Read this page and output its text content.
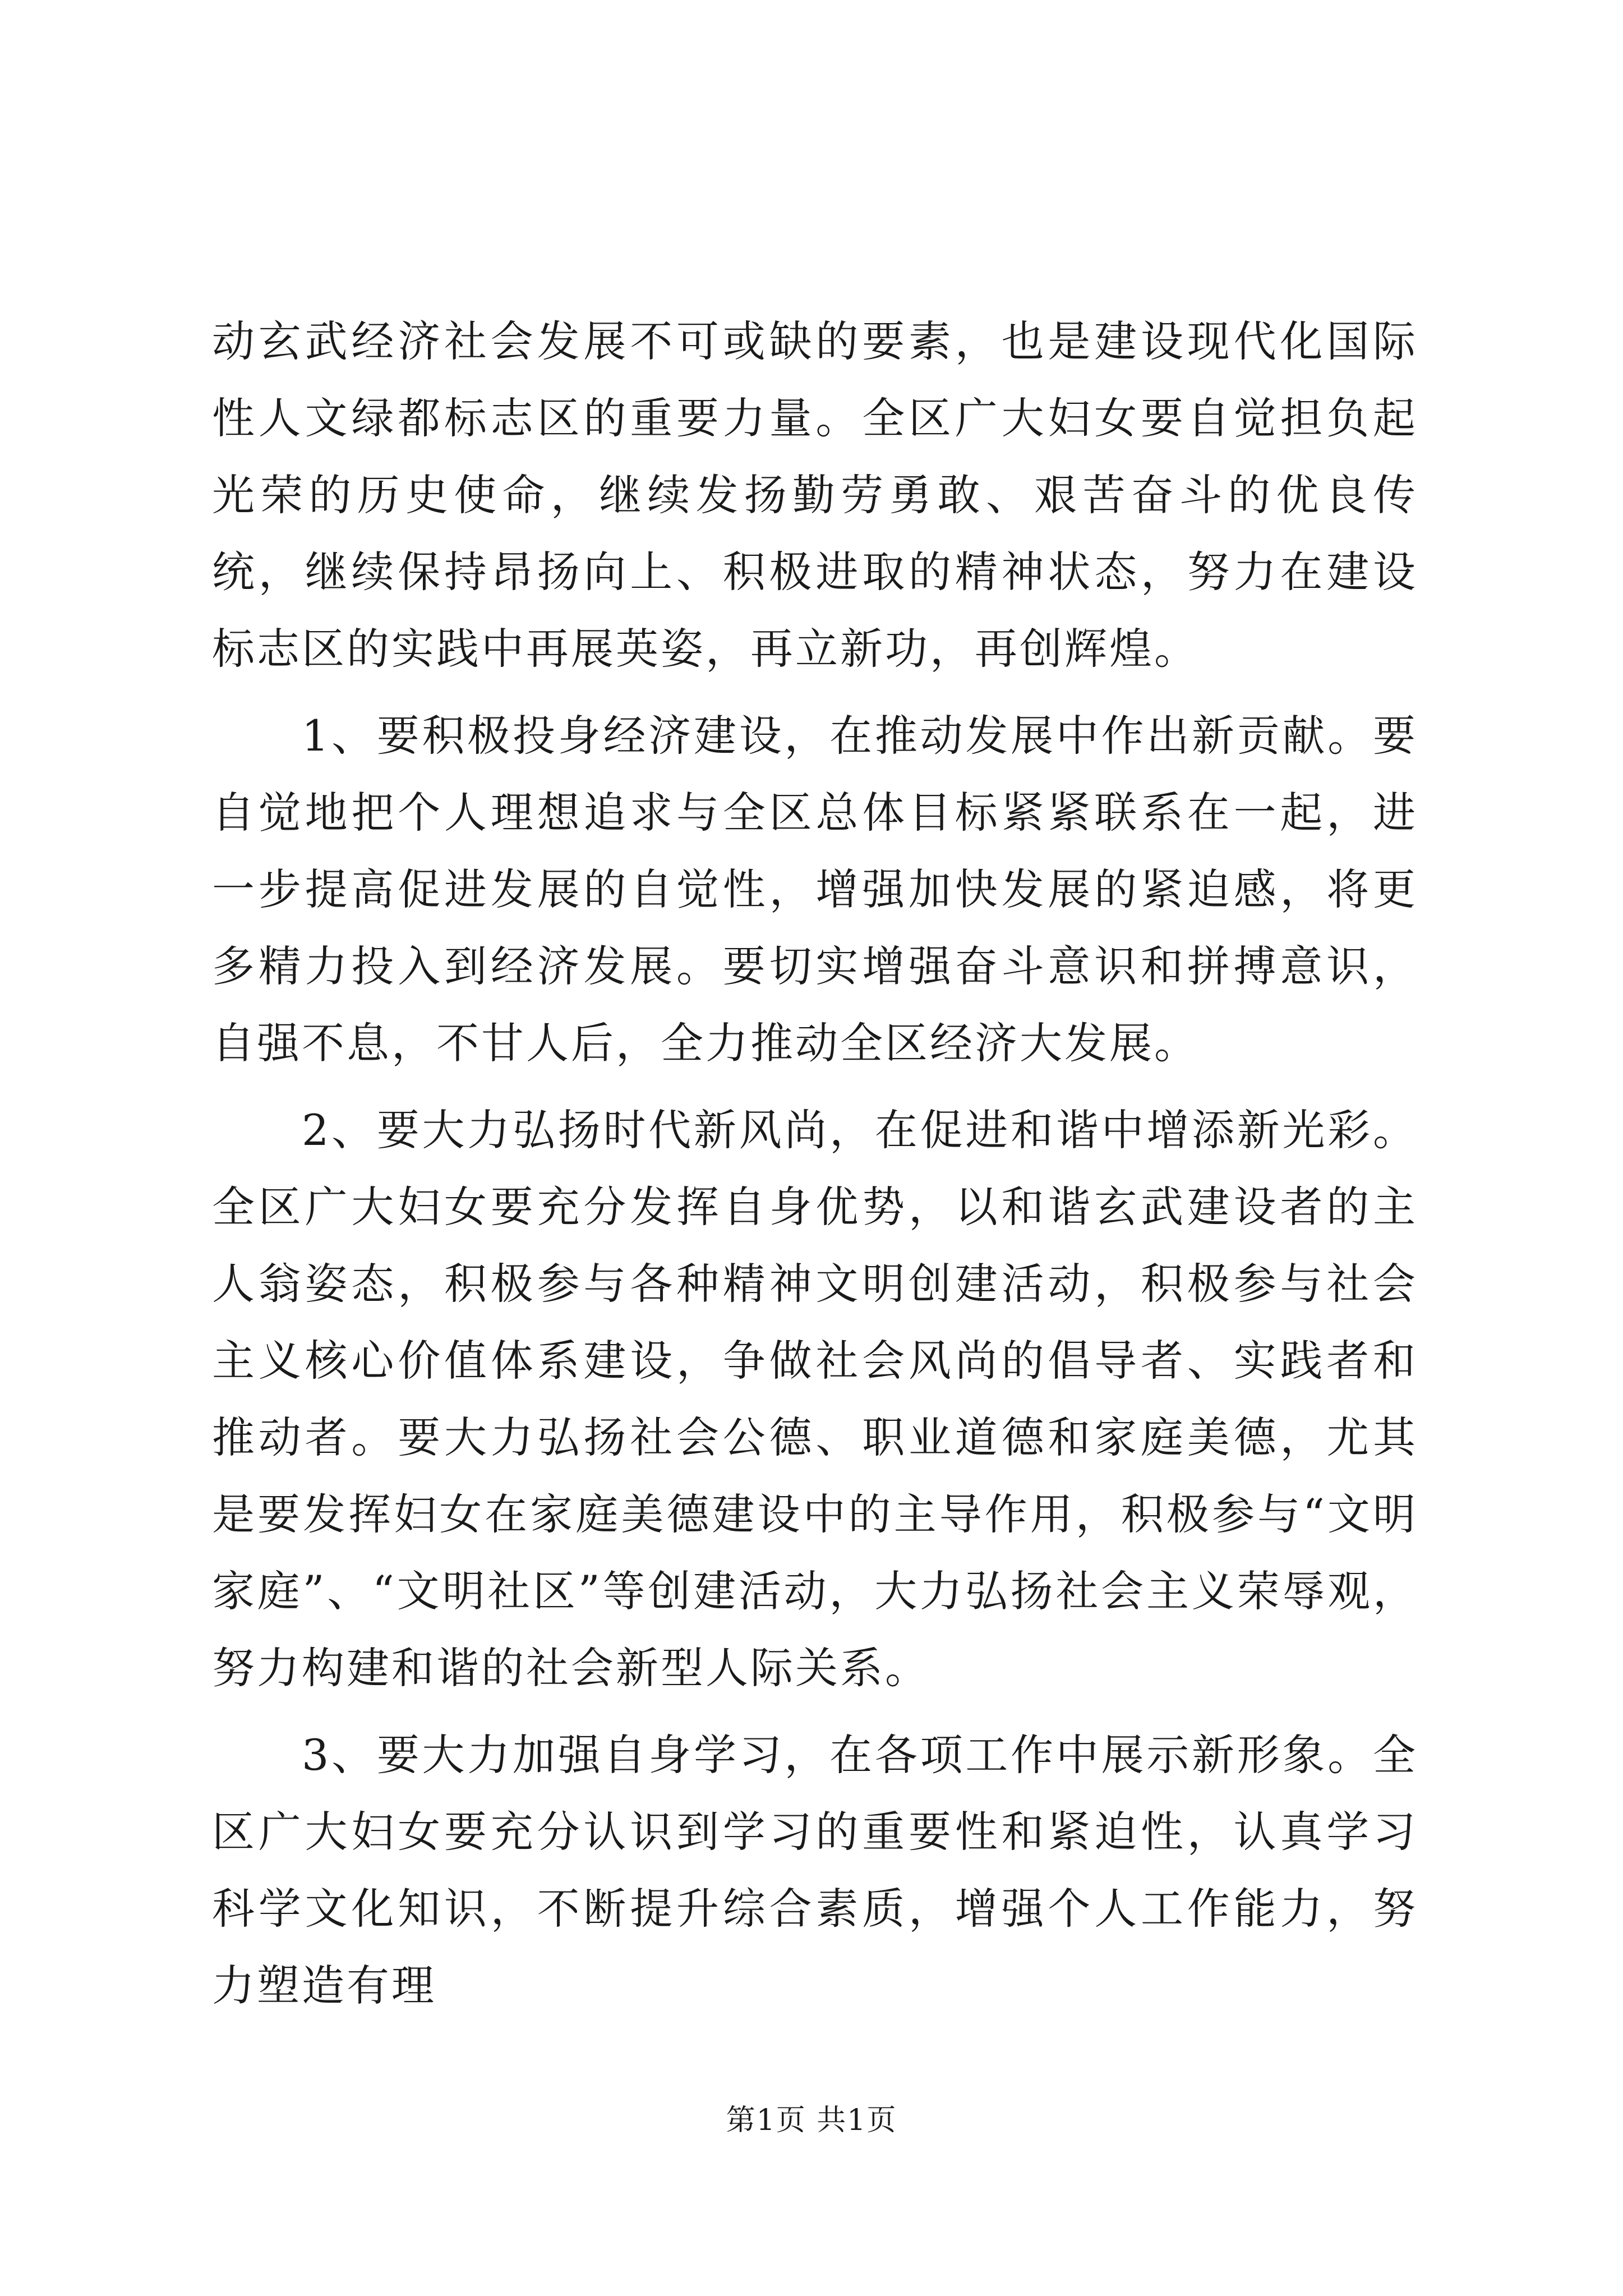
动玄武经济社会发展不可或缺的要素，也是建设现代化国际性人文绿都标志区的重要力量。全区广大妇女要自觉担负起光荣的历史使命，继续发扬勤劳勇敢、艰苦奋斗的优良传统，继续保持昂扬向上、积极进取的精神状态，努力在建设标志区的实践中再展英姿，再立新功，再创辉煌。

1、要积极投身经济建设，在推动发展中作出新贡献。要自觉地把个人理想追求与全区总体目标紧紧联系在一起，进一步提高促进发展的自觉性，增强加快发展的紧迫感，将更多精力投入到经济发展。要切实增强奋斗意识和拼搏意识，自强不息，不甘人后，全力推动全区经济大发展。

2、要大力弘扬时代新风尚，在促进和谐中增添新光彩。全区广大妇女要充分发挥自身优势，以和谐玄武建设者的主人翁姿态，积极参与各种精神文明创建活动，积极参与社会主义核心价值体系建设，争做社会风尚的倡导者、实践者和推动者。要大力弘扬社会公德、职业道德和家庭美德，尤其是要发挥妇女在家庭美德建设中的主导作用，积极参与“文明家庭”、“文明社区”等创建活动，大力弘扬社会主义荣辱观，努力构建和谐的社会新型人际关系。

3、要大力加强自身学习，在各项工作中展示新形象。全区广大妇女要充分认识到学习的重要性和紧迫性，认真学习科学文化知识，不断提升综合素质，增强个人工作能力，努力塑造有理

第1页 共1页
